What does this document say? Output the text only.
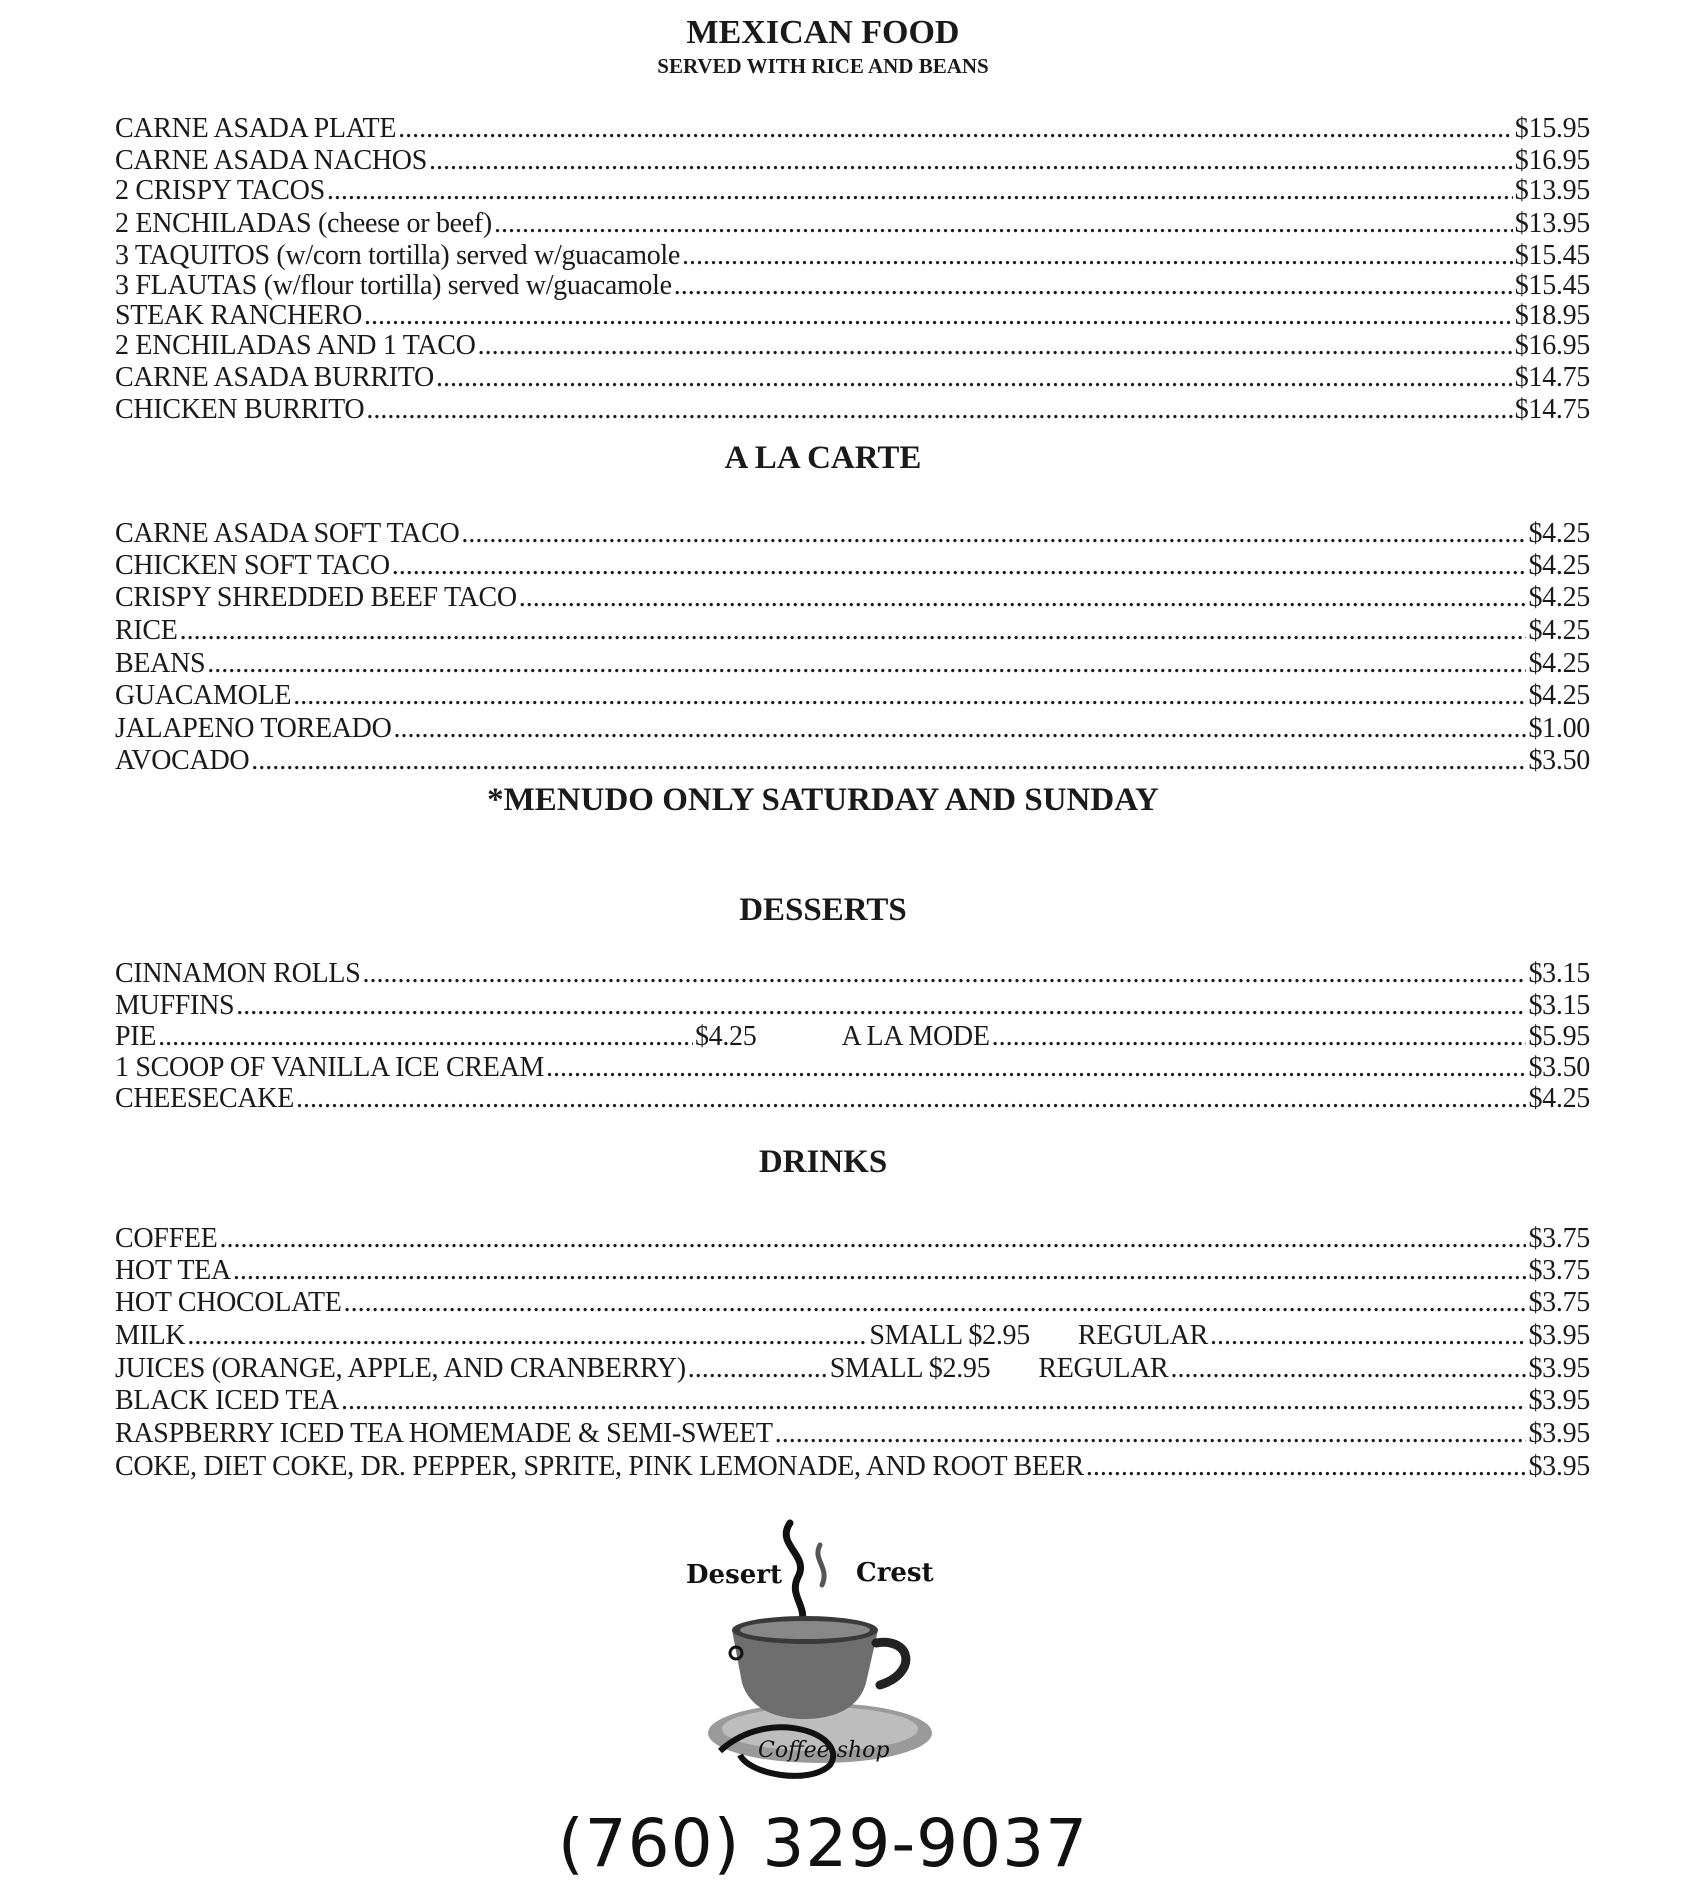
MEXICAN FOOD
SERVED WITH RICE AND BEANS
CARNE ASADA PLATE .....	$15.95
CARNE ASADA NACHOS .....	$16.95
2 CRISPY TACOS .....	$13.95
2 ENCHILADAS (cheese or beef) .....	$13.95
3 TAQUITOS (w/corn tortilla) served w/guacamole .....	$15.45
3 FLAUTAS (w/flour tortilla) served w/guacamole .....	$15.45
STEAK RANCHERO .....	$18.95
2 ENCHILADAS AND 1 TACO .....	$16.95
CARNE ASADA BURRITO .....	$14.75
CHICKEN BURRITO .....	$14.75
A LA CARTE
CARNE ASADA SOFT TACO .....	$4.25
CHICKEN SOFT TACO .....	$4.25
CRISPY SHREDDED BEEF TACO .....	$4.25
RICE .....	$4.25
BEANS .....	$4.25
GUACAMOLE .....	$4.25
JALAPENO TOREADO .....	$1.00
AVOCADO .....	$3.50
*MENUDO ONLY SATURDAY AND SUNDAY
DESSERTS
CINNAMON ROLLS .....	$3.15
MUFFINS .....	$3.15
PIE .....	$4.25	A LA MODE .....	$5.95
1 SCOOP OF VANILLA ICE CREAM .....	$3.50
CHEESECAKE .....	$4.25
DRINKS
COFFEE .....	$3.75
HOT TEA .....	$3.75
HOT CHOCOLATE .....	$3.75
MILK .....	SMALL $2.95 REGULAR .....	$3.95
JUICES (ORANGE, APPLE, AND CRANBERRY) .....	SMALL $2.95 REGULAR .....	$3.95
BLACK ICED TEA .....	$3.95
RASPBERRY ICED TEA HOMEMADE & SEMI-SWEET .....	$3.95
COKE, DIET COKE, DR. PEPPER, SPRITE, PINK LEMONADE, AND ROOT BEER .....	$3.95
Desert	Crest
Coffee shop
(760) 329-9037
